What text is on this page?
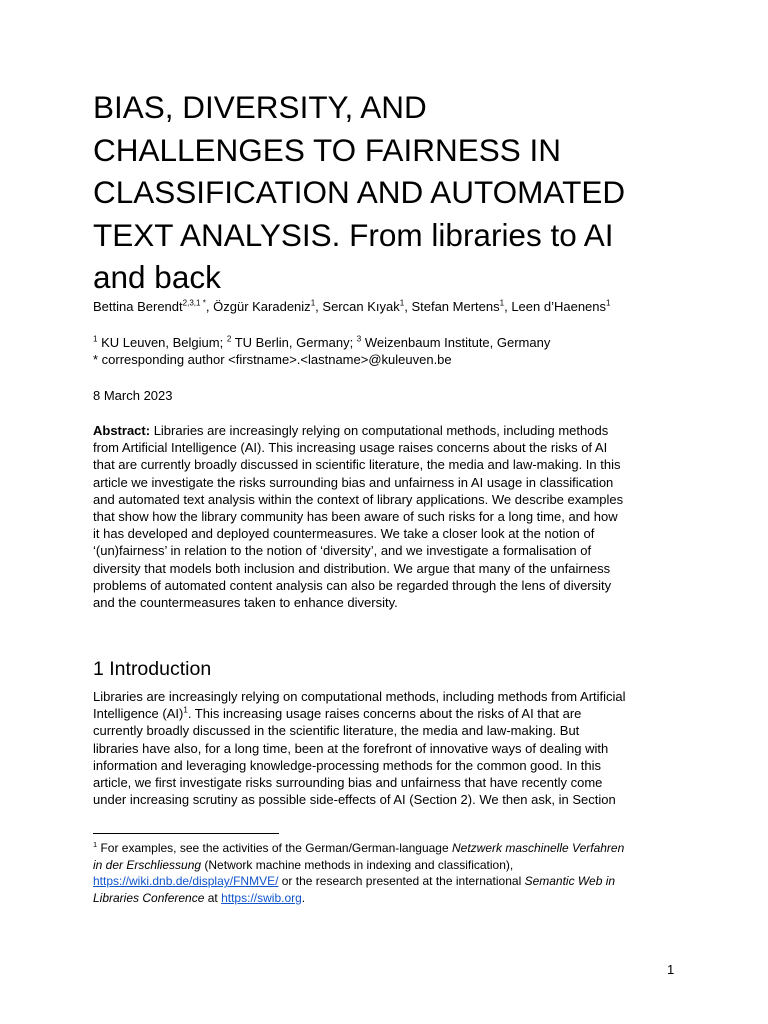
BIAS, DIVERSITY, AND
CHALLENGES TO FAIRNESS IN
CLASSIFICATION AND AUTOMATED
TEXT ANALYSIS. From libraries to AI
and back
Bettina Berendt$^{2,3,1 *}$, Özgür Karadeniz$^1$, Sercan Kıyak$^1$, Stefan Mertens$^1$, Leen d’Haenens$^1$
$^1$ KU Leuven, Belgium; $^2$ TU Berlin, Germany; $^3$ Weizenbaum Institute, Germany
* corresponding author <firstname>.<lastname>@kuleuven.be
8 March 2023

Abstract: Libraries are increasingly relying on computational methods, including methods
from Artificial Intelligence (AI). This increasing usage raises concerns about the risks of AI
that are currently broadly discussed in scientific literature, the media and law-making. In this
article we investigate the risks surrounding bias and unfairness in AI usage in classification
and automated text analysis within the context of library applications. We describe examples
that show how the library community has been aware of such risks for a long time, and how
it has developed and deployed countermeasures. We take a closer look at the notion of
‘(un)fairness’ in relation to the notion of ‘diversity’, and we investigate a formalisation of
diversity that models both inclusion and distribution. We argue that many of the unfairness
problems of automated content analysis can also be regarded through the lens of diversity
and the countermeasures taken to enhance diversity.

1 Introduction

Libraries are increasingly relying on computational methods, including methods from Artificial
Intelligence (AI)$^1$. This increasing usage raises concerns about the risks of AI that are
currently broadly discussed in the scientific literature, the media and law-making. But
libraries have also, for a long time, been at the forefront of innovative ways of dealing with
information and leveraging knowledge-processing methods for the common good. In this
article, we first investigate risks surrounding bias and unfairness that have recently come
under increasing scrutiny as possible side-effects of AI (Section 2). We then ask, in Section

$^1$ For examples, see the activities of the German/German-language Netzwerk maschinelle Verfahren
in der Erschliessung (Network machine methods in indexing and classification),
https://wiki.dnb.de/display/FNMVE/ or the research presented at the international Semantic Web in
Libraries Conference at https://swib.org.

1
